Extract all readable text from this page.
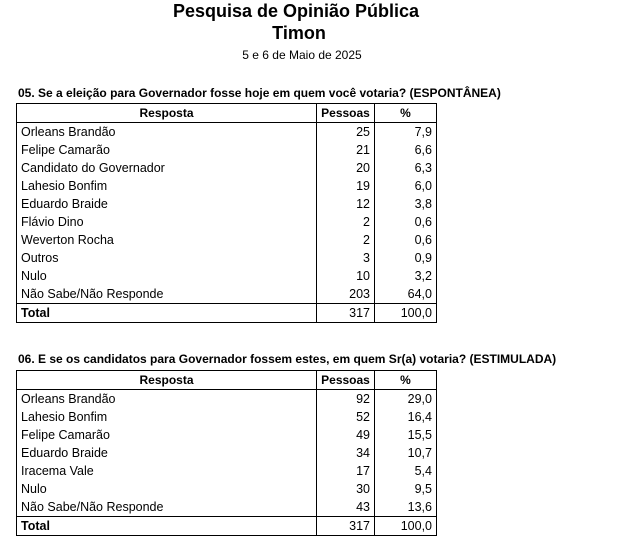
Pesquisa de Opinião Pública
Timon
5 e 6 de Maio de 2025
05. Se a eleição para Governador fosse hoje em quem você votaria? (ESPONTÂNEA)
Resposta	Pessoas	%
Orleans Brandão	25	7,9
Felipe Camarão	21	6,6
Candidato do Governador	20	6,3
Lahesio Bonfim	19	6,0
Eduardo Braide	12	3,8
Flávio Dino	2	0,6
Weverton Rocha	2	0,6
Outros	3	0,9
Nulo	10	3,2
Não Sabe/Não Responde	203	64,0
Total	317	100,0
06. E se os candidatos para Governador fossem estes, em quem Sr(a) votaria? (ESTIMULADA)
Resposta	Pessoas	%
Orleans Brandão	92	29,0
Lahesio Bonfim	52	16,4
Felipe Camarão	49	15,5
Eduardo Braide	34	10,7
Iracema Vale	17	5,4
Nulo	30	9,5
Não Sabe/Não Responde	43	13,6
Total	317	100,0
